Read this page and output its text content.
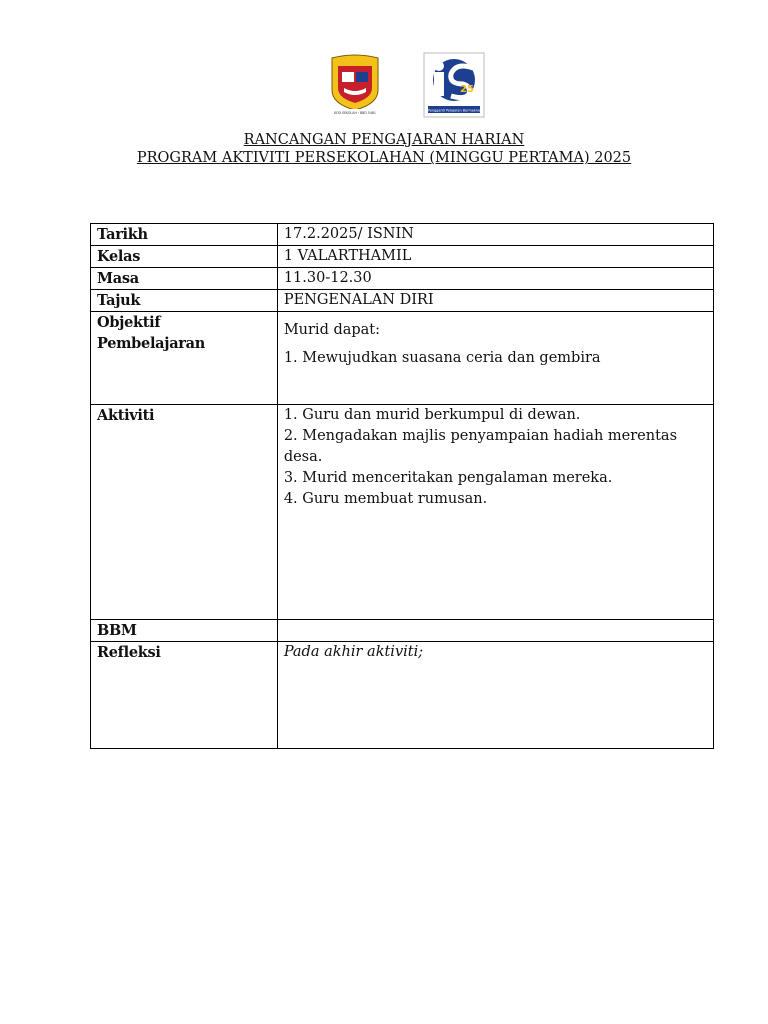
KOD SEKOLAH : BBD 5481
25
Pengganti Pelajaran Bermakna
RANCANGAN PENGAJARAN HARIAN
PROGRAM AKTIVITI PERSEKOLAHAN (MINGGU PERTAMA) 2025
Tarikh	17.2.2025/ ISNIN
Kelas	1 VALARTHAMIL
Masa	11.30-12.30
Tajuk	PENGENALAN DIRI
Objektif Pembelajaran	Murid dapat:

1. Mewujudkan suasana ceria dan gembira

Aktiviti	1. Guru dan murid berkumpul di dewan.
2. Mengadakan majlis penyampaian hadiah merentas desa.
3. Murid menceritakan pengalaman mereka.
4. Guru membuat rumusan.

BBM	
Refleksi	Pada akhir aktiviti;
